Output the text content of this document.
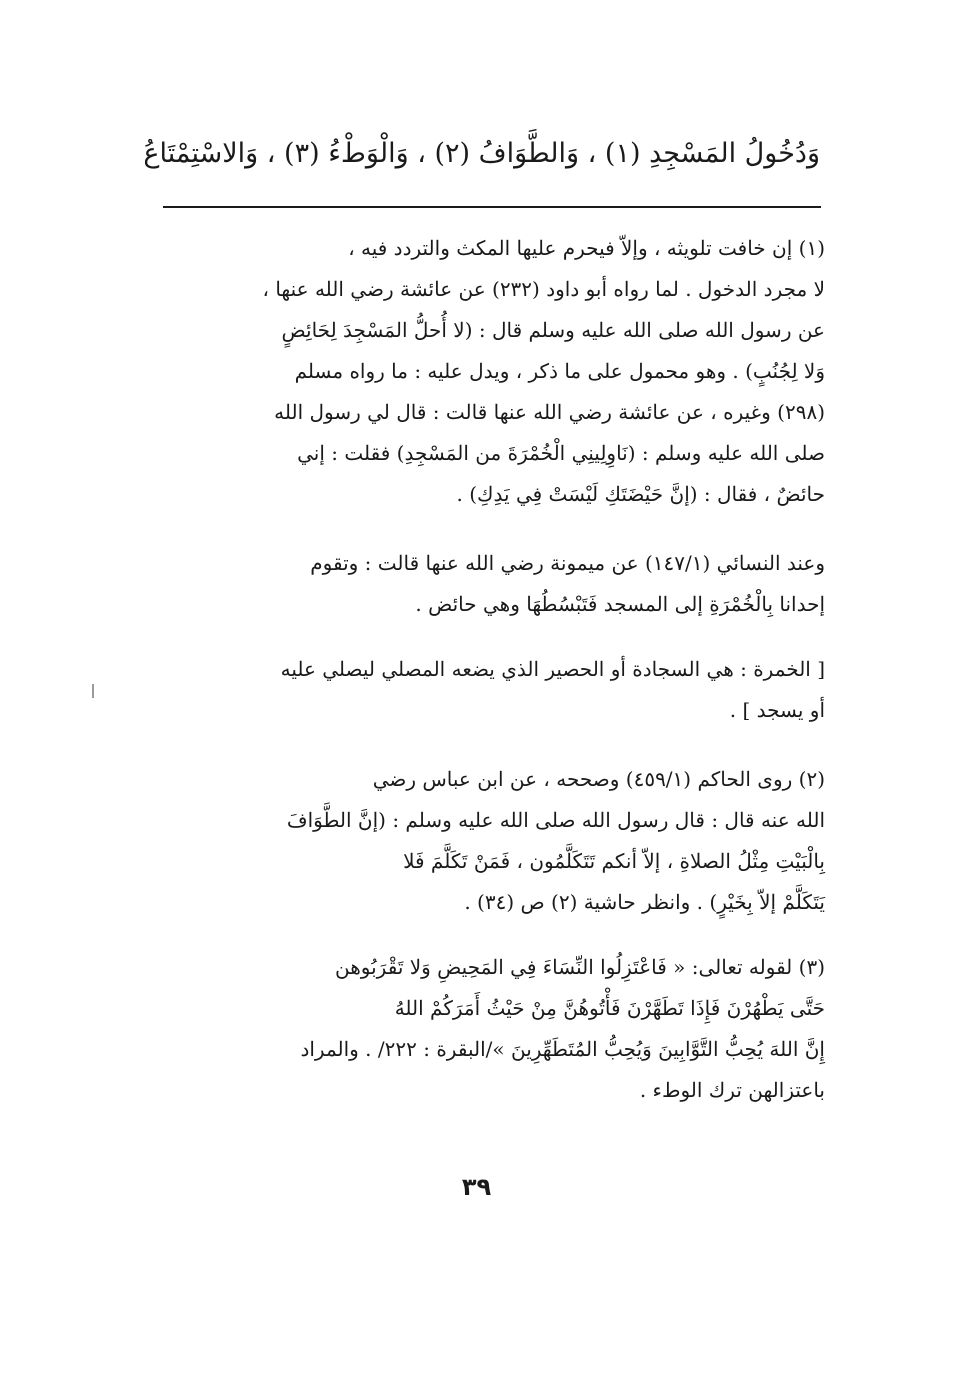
وَدُخُولُ المَسْجِدِ (١) ، وَالطَّوَافُ (٢) ، وَالْوَطْءُ (٣) ، وَالاسْتِمْتَاعُ

(١) إن خافت تلويثه ، وإلاّ فيحرم عليها المكث والتردد فيه ،

لا مجرد الدخول . لما رواه أبو داود (٢٣٢) عن عائشة رضي الله عنها ،

عن رسول الله صلى الله عليه وسلم قال : (لا أُحلُّ المَسْجِدَ لِحَائِضٍ

وَلا لِجُنُبٍ) . وهو محمول على ما ذكر ، ويدل عليه : ما رواه مسلم

(٢٩٨) وغيره ، عن عائشة رضي الله عنها قالت : قال لي رسول الله

صلى الله عليه وسلم : (نَاوِلِينِي الْخُمْرَةَ من المَسْجِدِ) فقلت : إني

حائضٌ ، فقال : (إنَّ حَيْضَتَكِ لَيْسَتْ فِي يَدِكِ) .

وعند النسائي (١٤٧/١) عن ميمونة رضي الله عنها قالت : وتقوم

إحدانا بِالْخُمْرَةِ إلى المسجد فَتَبْسُطُهَا وهي حائض .

[ الخمرة : هي السجادة أو الحصير الذي يضعه المصلي ليصلي عليه

أو يسجد ] .

(٢) روى الحاكم (٤٥٩/١) وصححه ، عن ابن عباس رضي

الله عنه قال : قال رسول الله صلى الله عليه وسلم : (إنَّ الطَّوَافَ

بِالْبَيْتِ مِثْلُ الصلاةِ ، إلاّ أنكم تَتَكَلَّمُون ، فَمَنْ تَكَلَّمَ فَلا

يَتَكَلَّمْ إلاّ بِخَيْرٍ) . وانظر حاشية (٢) ص (٣٤) .

(٣) لقوله تعالى: « فَاعْتَزِلُوا النِّسَاءَ فِي المَحِيضِ وَلا تَقْرَبُوهن

حَتَّى يَطْهُرْنَ فَإِذَا تَطَهَّرْنَ فَأْتُوهُنَّ مِنْ حَيْثُ أَمَرَكُمْ اللهُ

إِنَّ اللهَ يُحِبُّ التَّوَّابِينَ وَيُحِبُّ المُتَطَهِّرِينَ »/البقرة : ٢٢٢/ . والمراد

باعتزالهن ترك الوطء .

٣٩
